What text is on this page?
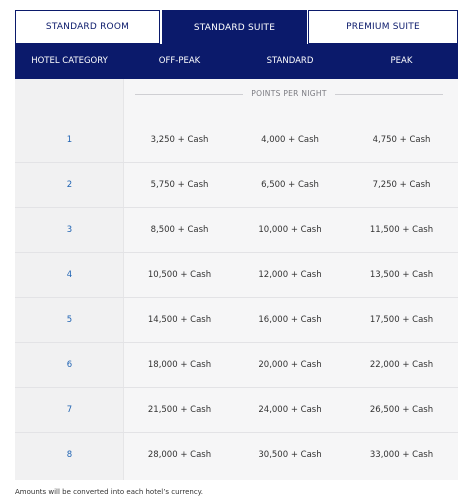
STANDARD ROOM	STANDARD SUITE	PREMIUM SUITE
HOTEL CATEGORY	OFF-PEAK	STANDARD	PEAK
POINTS PER NIGHT
1	3,250 + Cash	4,000 + Cash	4,750 + Cash
2	5,750 + Cash	6,500 + Cash	7,250 + Cash
3	8,500 + Cash	10,000 + Cash	11,500 + Cash
4	10,500 + Cash	12,000 + Cash	13,500 + Cash
5	14,500 + Cash	16,000 + Cash	17,500 + Cash
6	18,000 + Cash	20,000 + Cash	22,000 + Cash
7	21,500 + Cash	24,000 + Cash	26,500 + Cash
8	28,000 + Cash	30,500 + Cash	33,000 + Cash
Amounts will be converted into each hotel’s currency.
